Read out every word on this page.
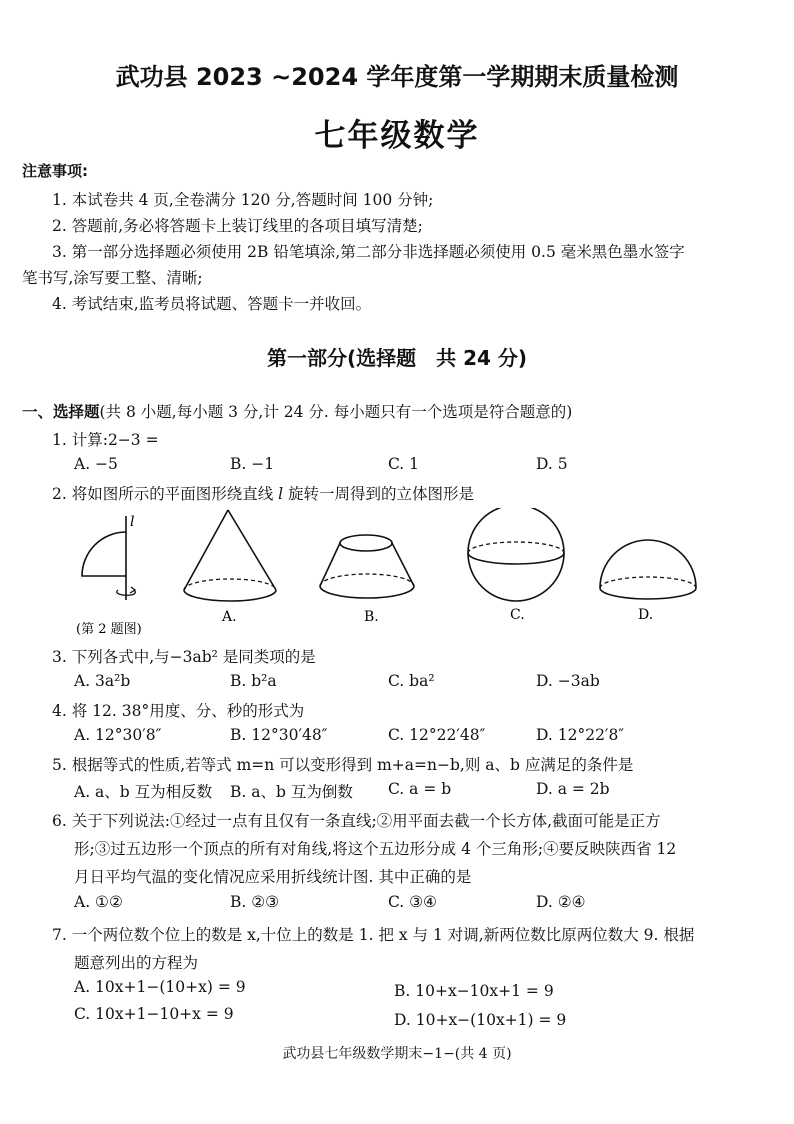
武功县 2023 ~2024 学年度第一学期期末质量检测
七年级数学
注意事项:
1. 本试卷共 4 页,全卷满分 120 分,答题时间 100 分钟;
2. 答题前,务必将答题卡上装订线里的各项目填写清楚;
3. 第一部分选择题必须使用 2B 铅笔填涂,第二部分非选择题必须使用 0.5 毫米黑色墨水签字
笔书写,涂写要工整、清晰;
4. 考试结束,监考员将试题、答题卡一并收回。
第一部分(选择题　共 24 分)
一、选择题(共 8 小题,每小题 3 分,计 24 分. 每小题只有一个选项是符合题意的)
1. 计算:2−3 =
A. −5	B. −1	C. 1	D. 5
2. 将如图所示的平面图形绕直线 l 旋转一周得到的立体图形是
l
(第 2 题图)
A.	B.	C.	D.
3. 下列各式中,与−3ab² 是同类项的是
A. 3a²b	B. b²a	C. ba²	D. −3ab
4. 将 12. 38°用度、分、秒的形式为
A. 12°30′8″	B. 12°30′48″	C. 12°22′48″	D. 12°22′8″
5. 根据等式的性质,若等式 m=n 可以变形得到 m+a=n−b,则 a、b 应满足的条件是
A. a、b 互为相反数 B. a、b 互为倒数 C. a = b	D. a = 2b
6. 关于下列说法:①经过一点有且仅有一条直线;②用平面去截一个长方体,截面可能是正方
形;③过五边形一个顶点的所有对角线,将这个五边形分成 4 个三角形;④要反映陕西省 12
月日平均气温的变化情况应采用折线统计图. 其中正确的是
A. ①②	B. ②③	C. ③④	D. ②④
7. 一个两位数个位上的数是 x,十位上的数是 1. 把 x 与 1 对调,新两位数比原两位数大 9. 根据
题意列出的方程为
A. 10x+1−(10+x) = 9	B. 10+x−10x+1 = 9
C. 10x+1−10+x = 9	D. 10+x−(10x+1) = 9
武功县七年级数学期末−1−(共 4 页)
